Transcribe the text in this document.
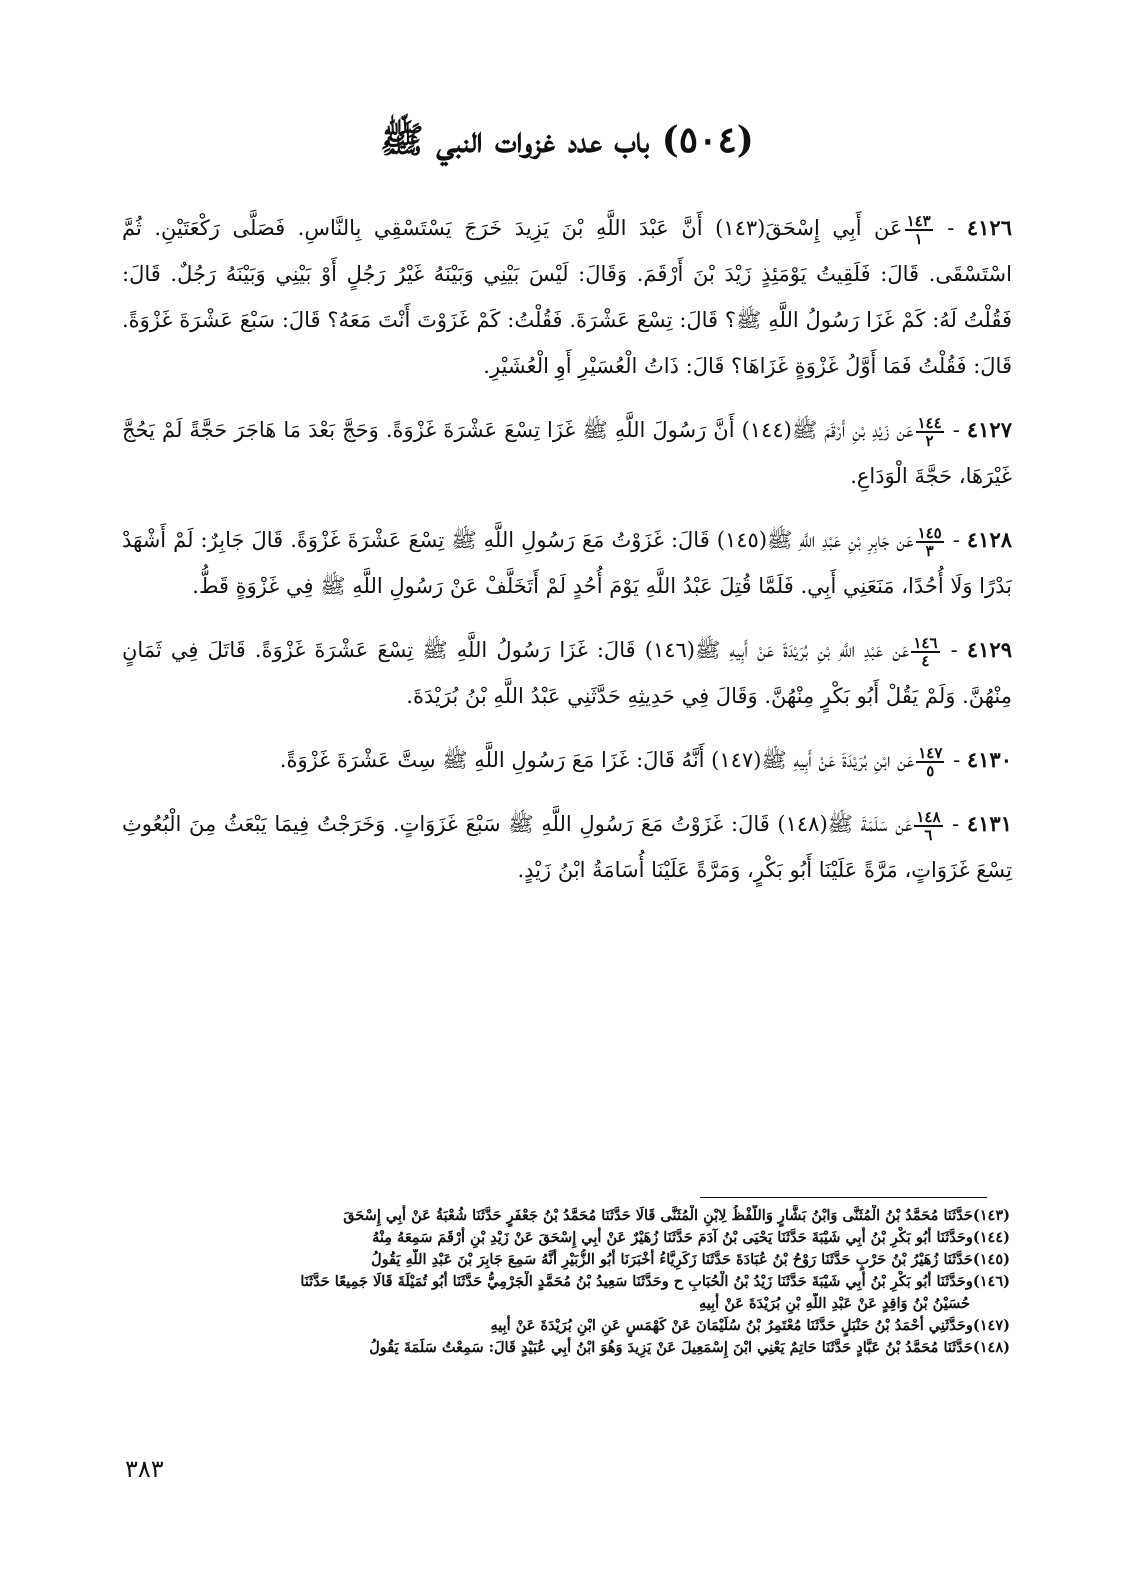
(٥٠٤) باب عدد غزوات النبي ﷺ

٤١٢٦ -
$\frac{١٤٣}{١}$
عَن أَبِي إِسْحَقَ(١٤٣) أَنَّ عَبْدَ اللَّهِ بْنَ يَزِيدَ خَرَجَ يَسْتَسْقِي بِالنَّاسِ. فَصَلَّى رَكْعَتَيْنِ. ثُمَّ اسْتَسْقَى. قَالَ: فَلَقِيتُ يَوْمَئِذٍ زَيْدَ بْنَ أَرْقَمَ. وَقَالَ: لَيْسَ بَيْنِي وَبَيْنَهُ غَيْرُ رَجُلٍ أَوْ بَيْنِي وَبَيْنَهُ رَجُلٌ. قَالَ: فَقُلْتُ لَهُ: كَمْ غَزَا رَسُولُ اللَّهِ ﷺ؟ قَالَ: تِسْعَ عَشْرَةَ. فَقُلْتُ: كَمْ غَزَوْتَ أَنْتَ مَعَهُ؟ قَالَ: سَبْعَ عَشْرَةَ غَزْوَةً. قَالَ: فَقُلْتُ فَمَا أَوَّلُ غَزْوَةٍ غَزَاهَا؟ قَالَ: ذَاتُ الْعُسَيْرِ أَوِ الْعُشَيْرِ.

٤١٢٧ -
$\frac{١٤٤}{٢}$
عَن زَيْدِ بْنِ أَرْقَمَ ﷺ(١٤٤) أَنَّ رَسُولَ اللَّهِ ﷺ غَزَا تِسْعَ عَشْرَةَ غَزْوَةً. وَحَجَّ بَعْدَ مَا هَاجَرَ حَجَّةً لَمْ يَحُجَّ غَيْرَهَا، حَجَّةَ الْوَدَاعِ.

٤١٢٨ -
$\frac{١٤٥}{٣}$
عَن جَابِرِ بْنِ عَبْدِ اللَّهِ ﷺ(١٤٥) قَالَ: غَزَوْتُ مَعَ رَسُولِ اللَّهِ ﷺ تِسْعَ عَشْرَةَ غَزْوَةً. قَالَ جَابِرٌ: لَمْ أَشْهَدْ بَدْرًا وَلَا أُحُدًا، مَنَعَنِي أَبِي. فَلَمَّا قُتِلَ عَبْدُ اللَّهِ يَوْمَ أُحُدٍ لَمْ أَتَخَلَّفْ عَنْ رَسُولِ اللَّهِ ﷺ فِي غَزْوَةٍ قَطُّ.

٤١٢٩ -
$\frac{١٤٦}{٤}$
عَن عَبْدِ اللَّهِ بْنِ بُرَيْدَةَ عَنْ أَبِيهِ ﷺ(١٤٦) قَالَ: غَزَا رَسُولُ اللَّهِ ﷺ تِسْعَ عَشْرَةَ غَزْوَةً. قَاتَلَ فِي ثَمَانٍ مِنْهُنَّ. وَلَمْ يَقُلْ أَبُو بَكْرٍ مِنْهُنَّ. وَقَالَ فِي حَدِيثِهِ حَدَّثَنِي عَبْدُ اللَّهِ بْنُ بُرَيْدَةَ.

٤١٣٠ -
$\frac{١٤٧}{٥}$
عَن ابْنِ بُرَيْدَةَ عَنْ أَبِيهِ ﷺ(١٤٧) أَنَّهُ قَالَ: غَزَا مَعَ رَسُولِ اللَّهِ ﷺ سِتَّ عَشْرَةَ غَزْوَةً.

٤١٣١ -
$\frac{١٤٨}{٦}$
عَن سَلَمَةَ ﷺ(١٤٨) قَالَ: غَزَوْتُ مَعَ رَسُولِ اللَّهِ ﷺ سَبْعَ غَزَوَاتٍ. وَخَرَجْتُ فِيمَا يَبْعَثُ مِنَ الْبُعُوثِ تِسْعَ غَزَوَاتٍ، مَرَّةً عَلَيْنَا أَبُو بَكْرٍ، وَمَرَّةً عَلَيْنَا أُسَامَةُ ابْنُ زَيْدٍ.

(١٤٣)حَدَّثَنَا مُحَمَّدُ بْنُ الْمُثَنَّى وَابْنُ بَشَّارٍ وَاللَّفْظُ لِابْنِ الْمُثَنَّى قَالَا حَدَّثَنَا مُحَمَّدُ بْنُ جَعْفَرٍ حَدَّثَنَا شُعْبَةُ عَنْ أَبِي إِسْحَقَ
(١٤٤)وحَدَّثَنَا أَبُو بَكْرِ بْنُ أَبِي شَيْبَةَ حَدَّثَنَا يَحْيَى بْنُ آدَمَ حَدَّثَنَا زُهَيْرٌ عَنْ أَبِي إِسْحَقَ عَنْ زَيْدِ بْنِ أَرْقَمَ سَمِعَهُ مِنْهُ
(١٤٥)حَدَّثَنَا زُهَيْرُ بْنُ حَرْبٍ حَدَّثَنَا رَوْحُ بْنُ عُبَادَةَ حَدَّثَنَا زَكَرِيَّاءُ أَخْبَرَنَا أَبُو الزُّبَيْرِ أَنَّهُ سَمِعَ جَابِرَ بْنَ عَبْدِ اللَّهِ يَقُولُ
(١٤٦)وحَدَّثَنَا أَبُو بَكْرِ بْنُ أَبِي شَيْبَةَ حَدَّثَنَا زَيْدُ بْنُ الْحُبَابِ ح وحَدَّثَنَا سَعِيدُ بْنُ مُحَمَّدٍ الْجَرْمِيُّ حَدَّثَنَا أَبُو تُمَيْلَةَ قَالَا جَمِيعًا حَدَّثَنَا
حُسَيْنُ بْنُ وَاقِدٍ عَنْ عَبْدِ اللَّهِ بْنِ بُرَيْدَةَ عَنْ أَبِيهِ
(١٤٧)وحَدَّثَنِي أَحْمَدُ بْنُ حَنْبَلٍ حَدَّثَنَا مُعْتَمِرُ بْنُ سُلَيْمَانَ عَنْ كَهْمَسٍ عَنِ ابْنِ بُرَيْدَةَ عَنْ أَبِيهِ
(١٤٨)حَدَّثَنَا مُحَمَّدُ بْنُ عَبَّادٍ حَدَّثَنَا حَاتِمٌ يَعْنِي ابْنَ إِسْمَعِيلَ عَنْ يَزِيدَ وَهُوَ ابْنُ أَبِي عُبَيْدٍ قَالَ: سَمِعْتُ سَلَمَةَ يَقُولُ
٣٨٣
